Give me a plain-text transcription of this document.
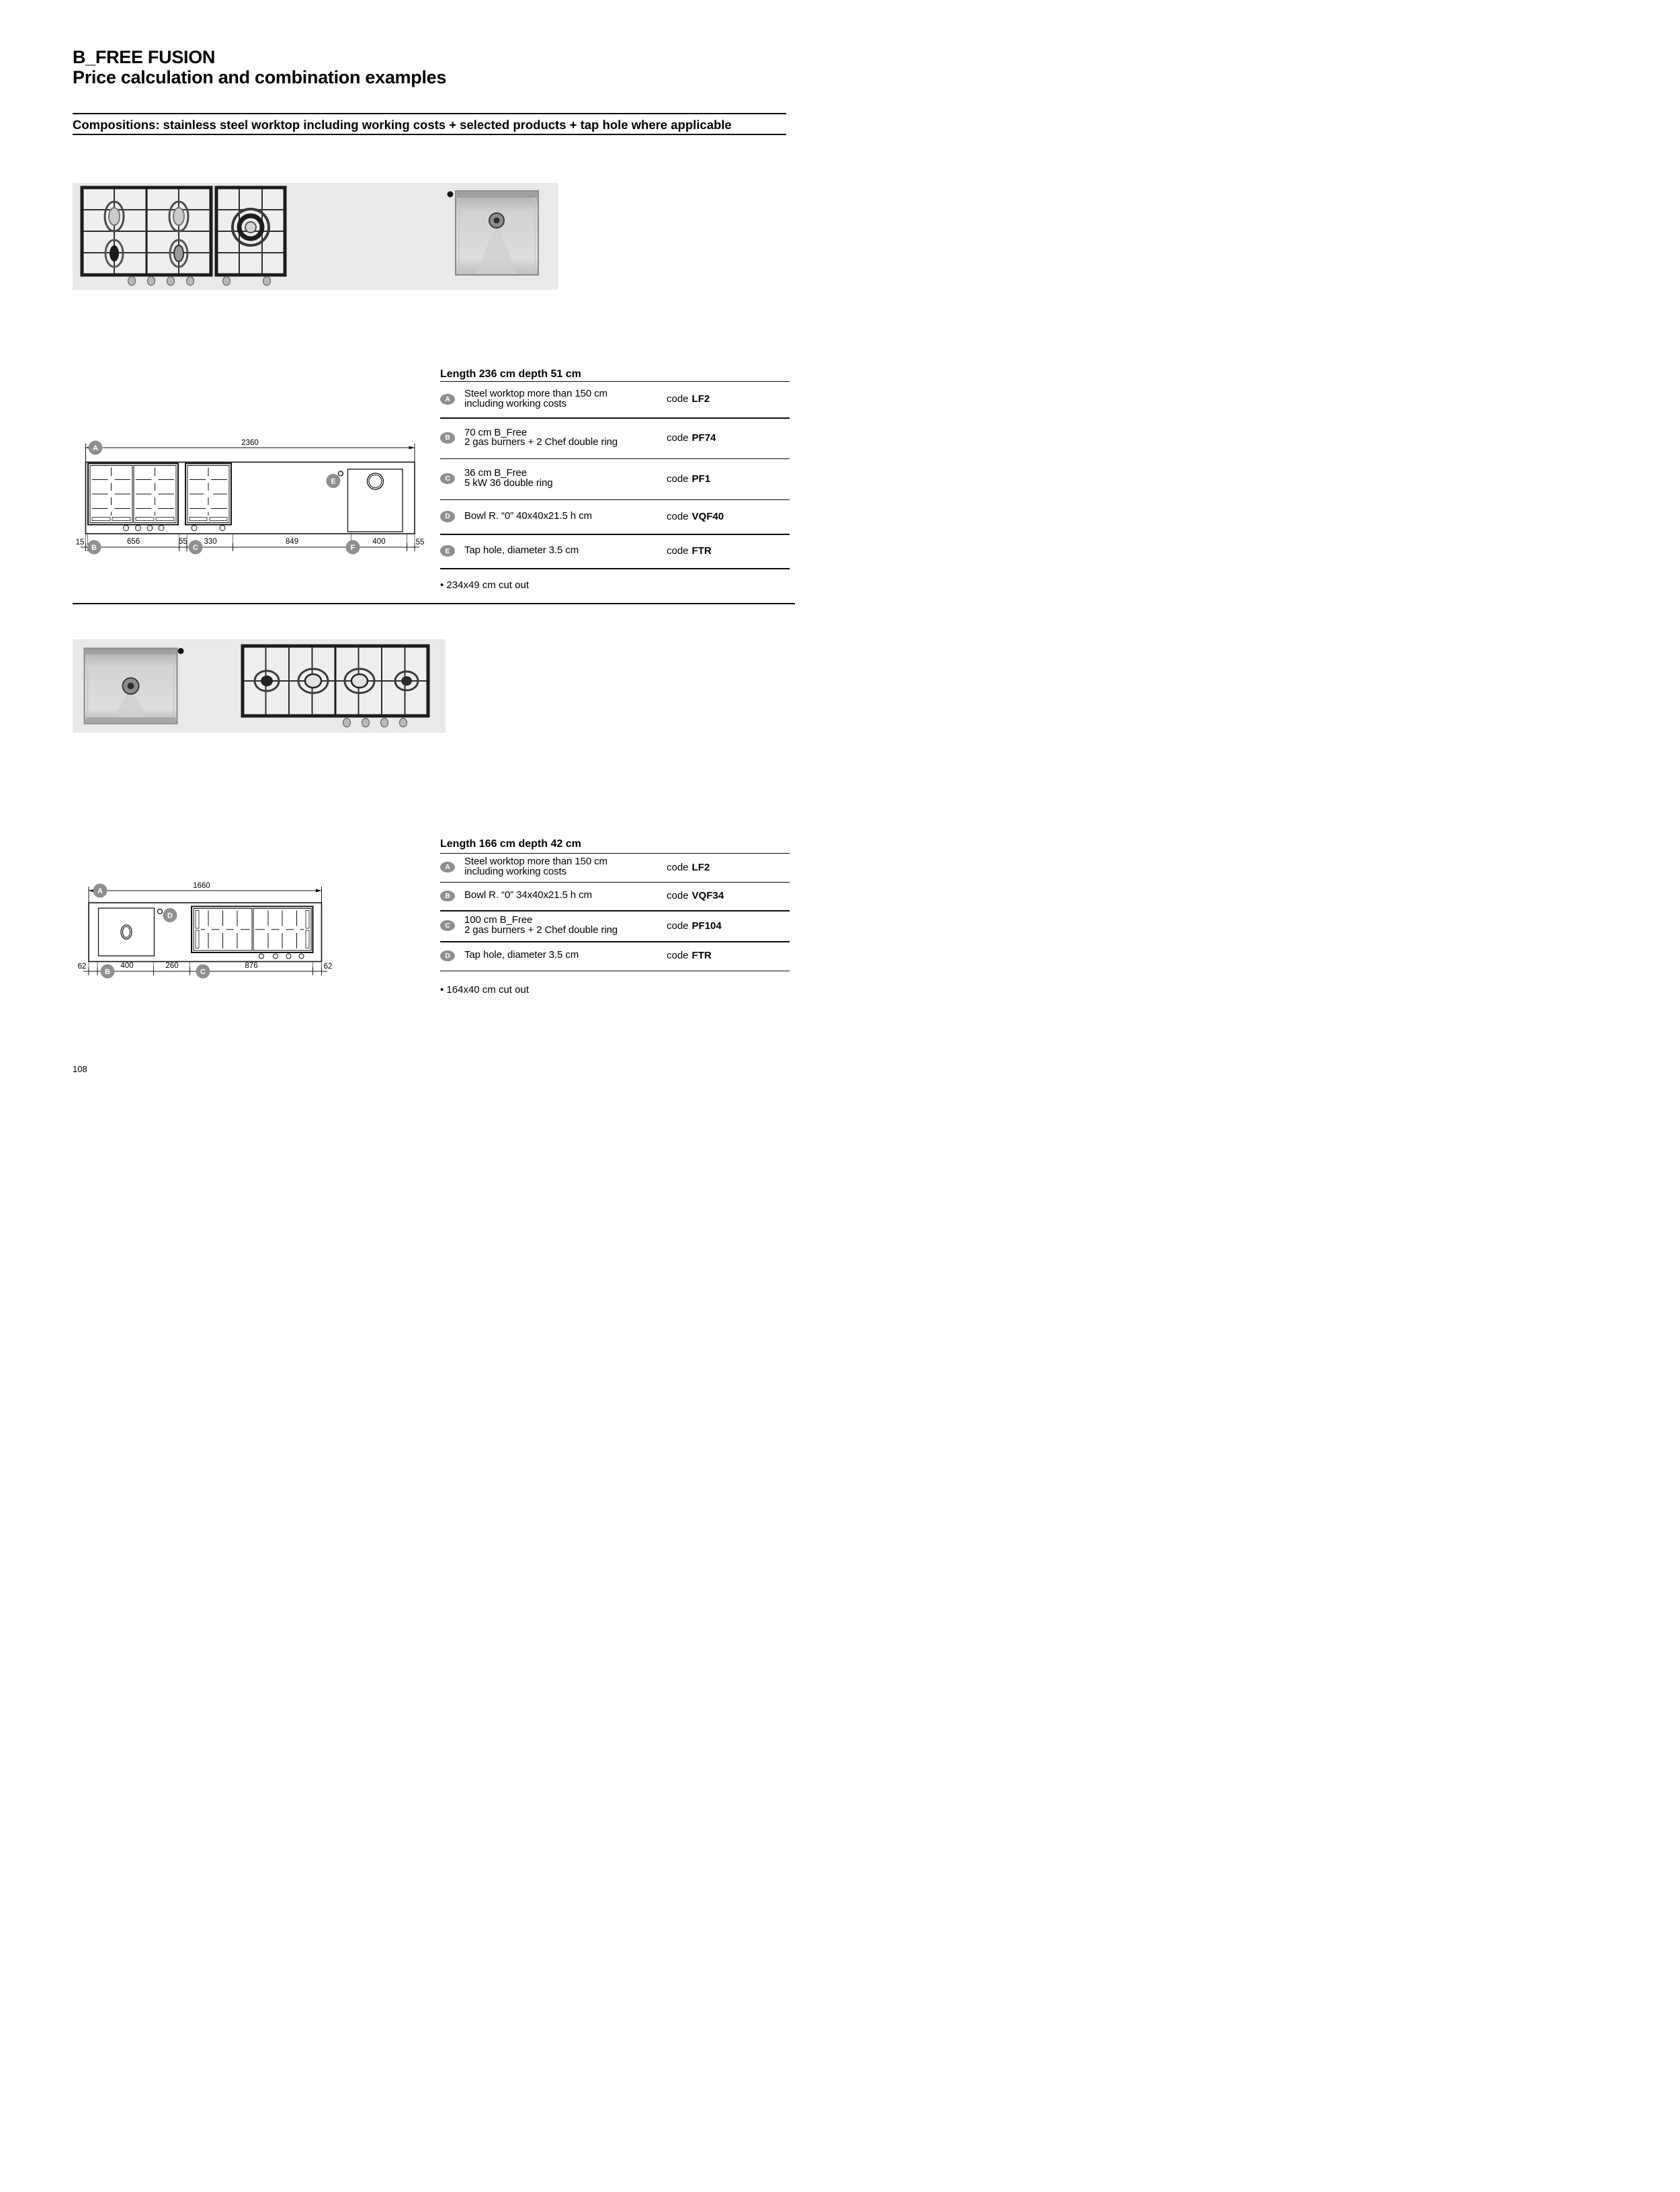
B_FREE FUSION
Price calculation and combination examples
Compositions: stainless steel worktop including working costs + selected products + tap hole where applicable
2360
15	656	55 330	849	400	55
A
E
B	C	F
Length 236 cm depth 51 cm
A	Steel worktop more than 150 cm
including working costs	code LF2
B	70 cm B_Free
2 gas burners + 2 Chef double ring	code PF74
C	36 cm B_Free
5 kW 36 double ring	code PF1
D	Bowl R. “0” 40x40x21.5 h cm	code VQF40
E	Tap hole, diameter 3.5 cm	code FTR
• 234x49 cm cut out
1660
62	400	260	876	62
A
D
B	C
Length 166 cm depth 42 cm
A	Steel worktop more than 150 cm
including working costs	code LF2
B	Bowl R. “0” 34x40x21.5 h cm	code VQF34
C	100 cm B_Free
2 gas burners + 2 Chef double ring	code PF104
D	Tap hole, diameter 3.5 cm	code FTR
• 164x40 cm cut out
108
